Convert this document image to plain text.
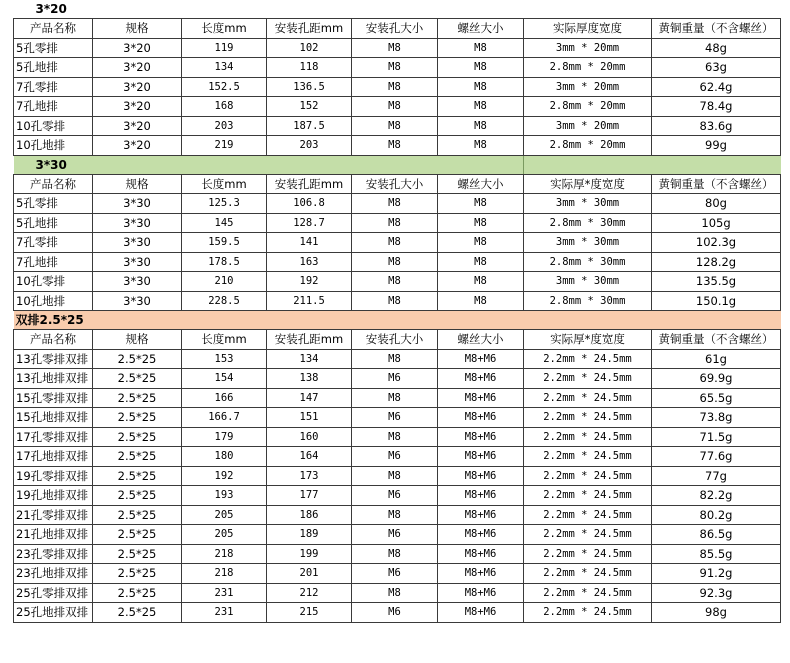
3*20							
产品名称	规格	长度mm	安装孔距mm	安装孔大小	螺丝大小	实际厚度宽度	黄铜重量（不含螺丝）
5孔零排	3*20	119	102	M8	M8	3mm * 20mm	48g
5孔地排	3*20	134	118	M8	M8	2.8mm * 20mm	63g
7孔零排	3*20	152.5	136.5	M8	M8	3mm * 20mm	62.4g
7孔地排	3*20	168	152	M8	M8	2.8mm * 20mm	78.4g
10孔零排	3*20	203	187.5	M8	M8	3mm * 20mm	83.6g
10孔地排	3*20	219	203	M8	M8	2.8mm * 20mm	99g
3*30							
产品名称	规格	长度mm	安装孔距mm	安装孔大小	螺丝大小	实际厚*度宽度	黄铜重量（不含螺丝）
5孔零排	3*30	125.3	106.8	M8	M8	3mm * 30mm	80g
5孔地排	3*30	145	128.7	M8	M8	2.8mm * 30mm	105g
7孔零排	3*30	159.5	141	M8	M8	3mm * 30mm	102.3g
7孔地排	3*30	178.5	163	M8	M8	2.8mm * 30mm	128.2g
10孔零排	3*30	210	192	M8	M8	3mm * 30mm	135.5g
10孔地排	3*30	228.5	211.5	M8	M8	2.8mm * 30mm	150.1g
双排2.5*25							
产品名称	规格	长度mm	安装孔距mm	安装孔大小	螺丝大小	实际厚*度宽度	黄铜重量（不含螺丝）
13孔零排双排	2.5*25	153	134	M8	M8+M6	2.2mm * 24.5mm	61g
13孔地排双排	2.5*25	154	138	M6	M8+M6	2.2mm * 24.5mm	69.9g
15孔零排双排	2.5*25	166	147	M8	M8+M6	2.2mm * 24.5mm	65.5g
15孔地排双排	2.5*25	166.7	151	M6	M8+M6	2.2mm * 24.5mm	73.8g
17孔零排双排	2.5*25	179	160	M8	M8+M6	2.2mm * 24.5mm	71.5g
17孔地排双排	2.5*25	180	164	M6	M8+M6	2.2mm * 24.5mm	77.6g
19孔零排双排	2.5*25	192	173	M8	M8+M6	2.2mm * 24.5mm	77g
19孔地排双排	2.5*25	193	177	M6	M8+M6	2.2mm * 24.5mm	82.2g
21孔零排双排	2.5*25	205	186	M8	M8+M6	2.2mm * 24.5mm	80.2g
21孔地排双排	2.5*25	205	189	M6	M8+M6	2.2mm * 24.5mm	86.5g
23孔零排双排	2.5*25	218	199	M8	M8+M6	2.2mm * 24.5mm	85.5g
23孔地排双排	2.5*25	218	201	M6	M8+M6	2.2mm * 24.5mm	91.2g
25孔零排双排	2.5*25	231	212	M8	M8+M6	2.2mm * 24.5mm	92.3g
25孔地排双排	2.5*25	231	215	M6	M8+M6	2.2mm * 24.5mm	98g
